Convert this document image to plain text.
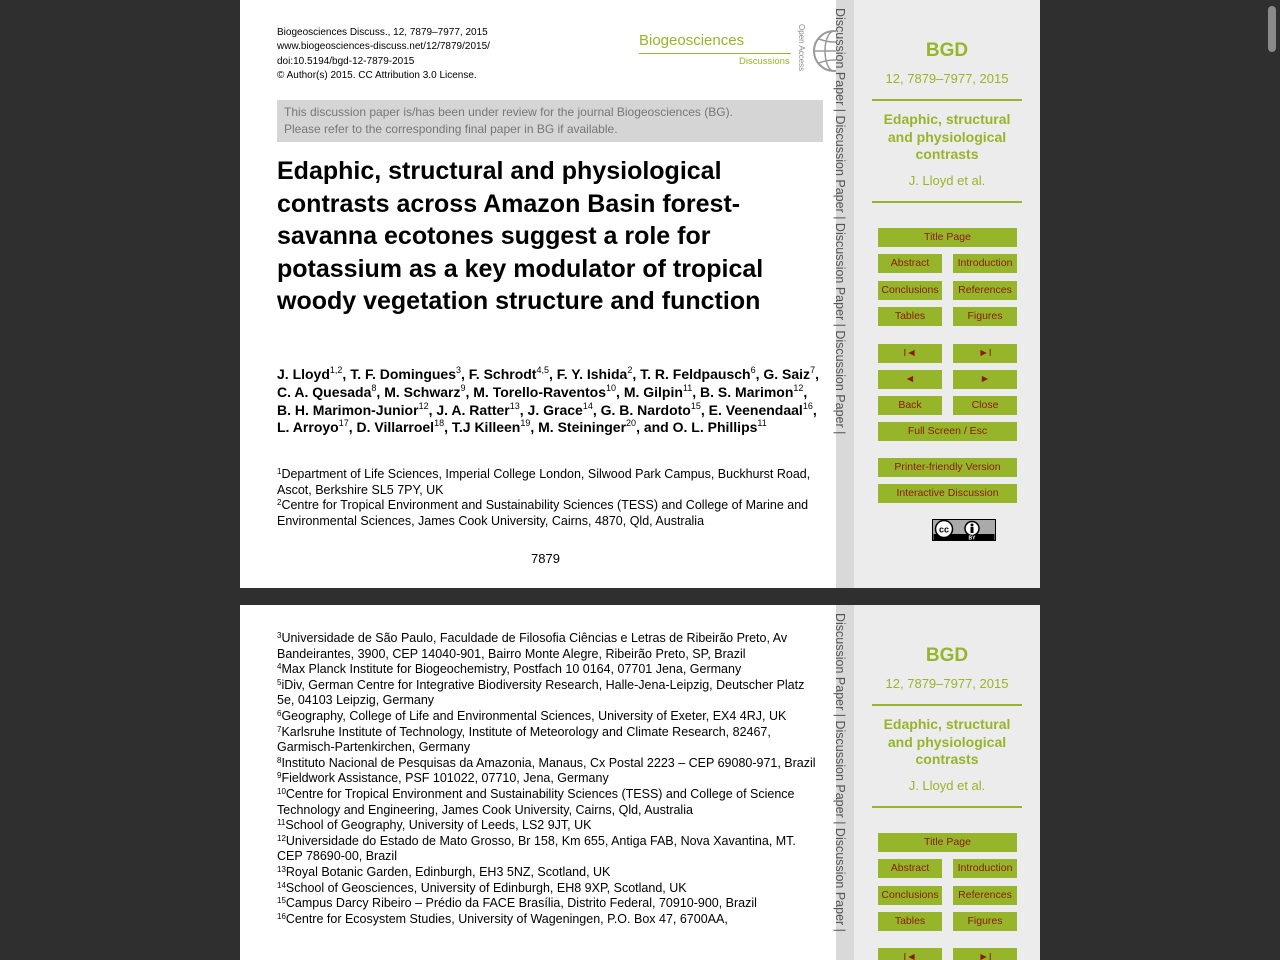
Biogeosciences Discuss., 12, 7879–7977, 2015
www.biogeosciences-discuss.net/12/7879/2015/
doi:10.5194/bgd-12-7879-2015
© Author(s) 2015. CC Attribution 3.0 License.
Biogeosciences
Discussions Open Access
This discussion paper is/has been under review for the journal Biogeosciences (BG).
Please refer to the corresponding final paper in BG if available.
Edaphic, structural and physiological contrasts across Amazon Basin forest-savanna ecotones suggest a role for potassium as a key modulator of tropical woody vegetation structure and function
J. Lloyd$^{1,2}$, T. F. Domingues$^3$, F. Schrodt$^{4,5}$, F. Y. Ishida$^2$, T. R. Feldpausch$^6$, G. Saiz$^7$, C. A. Quesada$^8$, M. Schwarz$^9$, M. Torello-Raventos$^{10}$, M. Gilpin$^{11}$, B. S. Marimon$^{12}$, B. H. Marimon-Junior$^{12}$, J. A. Ratter$^{13}$, J. Grace$^{14}$, G. B. Nardoto$^{15}$, E. Veenendaal$^{16}$, L. Arroyo$^{17}$, D. Villarroel$^{18}$, T.J Killeen$^{19}$, M. Steininger$^{20}$, and O. L. Phillips$^{11}$
$^1$Department of Life Sciences, Imperial College London, Silwood Park Campus, Buckhurst Road, Ascot, Berkshire SL5 7PY, UK
$^2$Centre for Tropical Environment and Sustainability Sciences (TESS) and College of Marine and Environmental Sciences, James Cook University, Cairns, 4870, Qld, Australia
7879
Discussion Paper | Discussion Paper | Discussion Paper | Discussion Paper |	BGD
12, 7879–7977, 2015
Edaphic, structural and physiological contrasts
J. Lloyd et al.
Title Page
Abstract	Introduction
Conclusions	References
Tables	Figures
I◄	►I
◄	►
Back	Close
Full Screen / Esc
Printer-friendly Version
Interactive Discussion
cc
BY
$^3$Universidade de São Paulo, Faculdade de Filosofia Ciências e Letras de Ribeirão Preto, Av Bandeirantes, 3900, CEP 14040-901, Bairro Monte Alegre, Ribeirão Preto, SP, Brazil
$^4$Max Planck Institute for Biogeochemistry, Postfach 10 0164, 07701 Jena, Germany
$^5$iDiv, German Centre for Integrative Biodiversity Research, Halle-Jena-Leipzig, Deutscher Platz 5e, 04103 Leipzig, Germany
$^6$Geography, College of Life and Environmental Sciences, University of Exeter, EX4 4RJ, UK
$^7$Karlsruhe Institute of Technology, Institute of Meteorology and Climate Research, 82467, Garmisch-Partenkirchen, Germany
$^8$Instituto Nacional de Pesquisas da Amazonia, Manaus, Cx Postal 2223 – CEP 69080-971, Brazil
$^9$Fieldwork Assistance, PSF 101022, 07710, Jena, Germany
$^{10}$Centre for Tropical Environment and Sustainability Sciences (TESS) and College of Science Technology and Engineering, James Cook University, Cairns, Qld, Australia
$^{11}$School of Geography, University of Leeds, LS2 9JT, UK
$^{12}$Universidade do Estado de Mato Grosso, Br 158, Km 655, Antiga FAB, Nova Xavantina, MT. CEP 78690-00, Brazil
$^{13}$Royal Botanic Garden, Edinburgh, EH3 5NZ, Scotland, UK
$^{14}$School of Geosciences, University of Edinburgh, EH8 9XP, Scotland, UK
$^{15}$Campus Darcy Ribeiro – Prédio da FACE Brasília, Distrito Federal, 70910-900, Brazil
$^{16}$Centre for Ecosystem Studies, University of Wageningen, P.O. Box 47, 6700AA,	Discussion Paper | Discussion Paper | Discussion Paper |	BGD
12, 7879–7977, 2015
Edaphic, structural and physiological contrasts
J. Lloyd et al.
Title Page
Abstract	Introduction
Conclusions	References
Tables	Figures
I◄	►I
